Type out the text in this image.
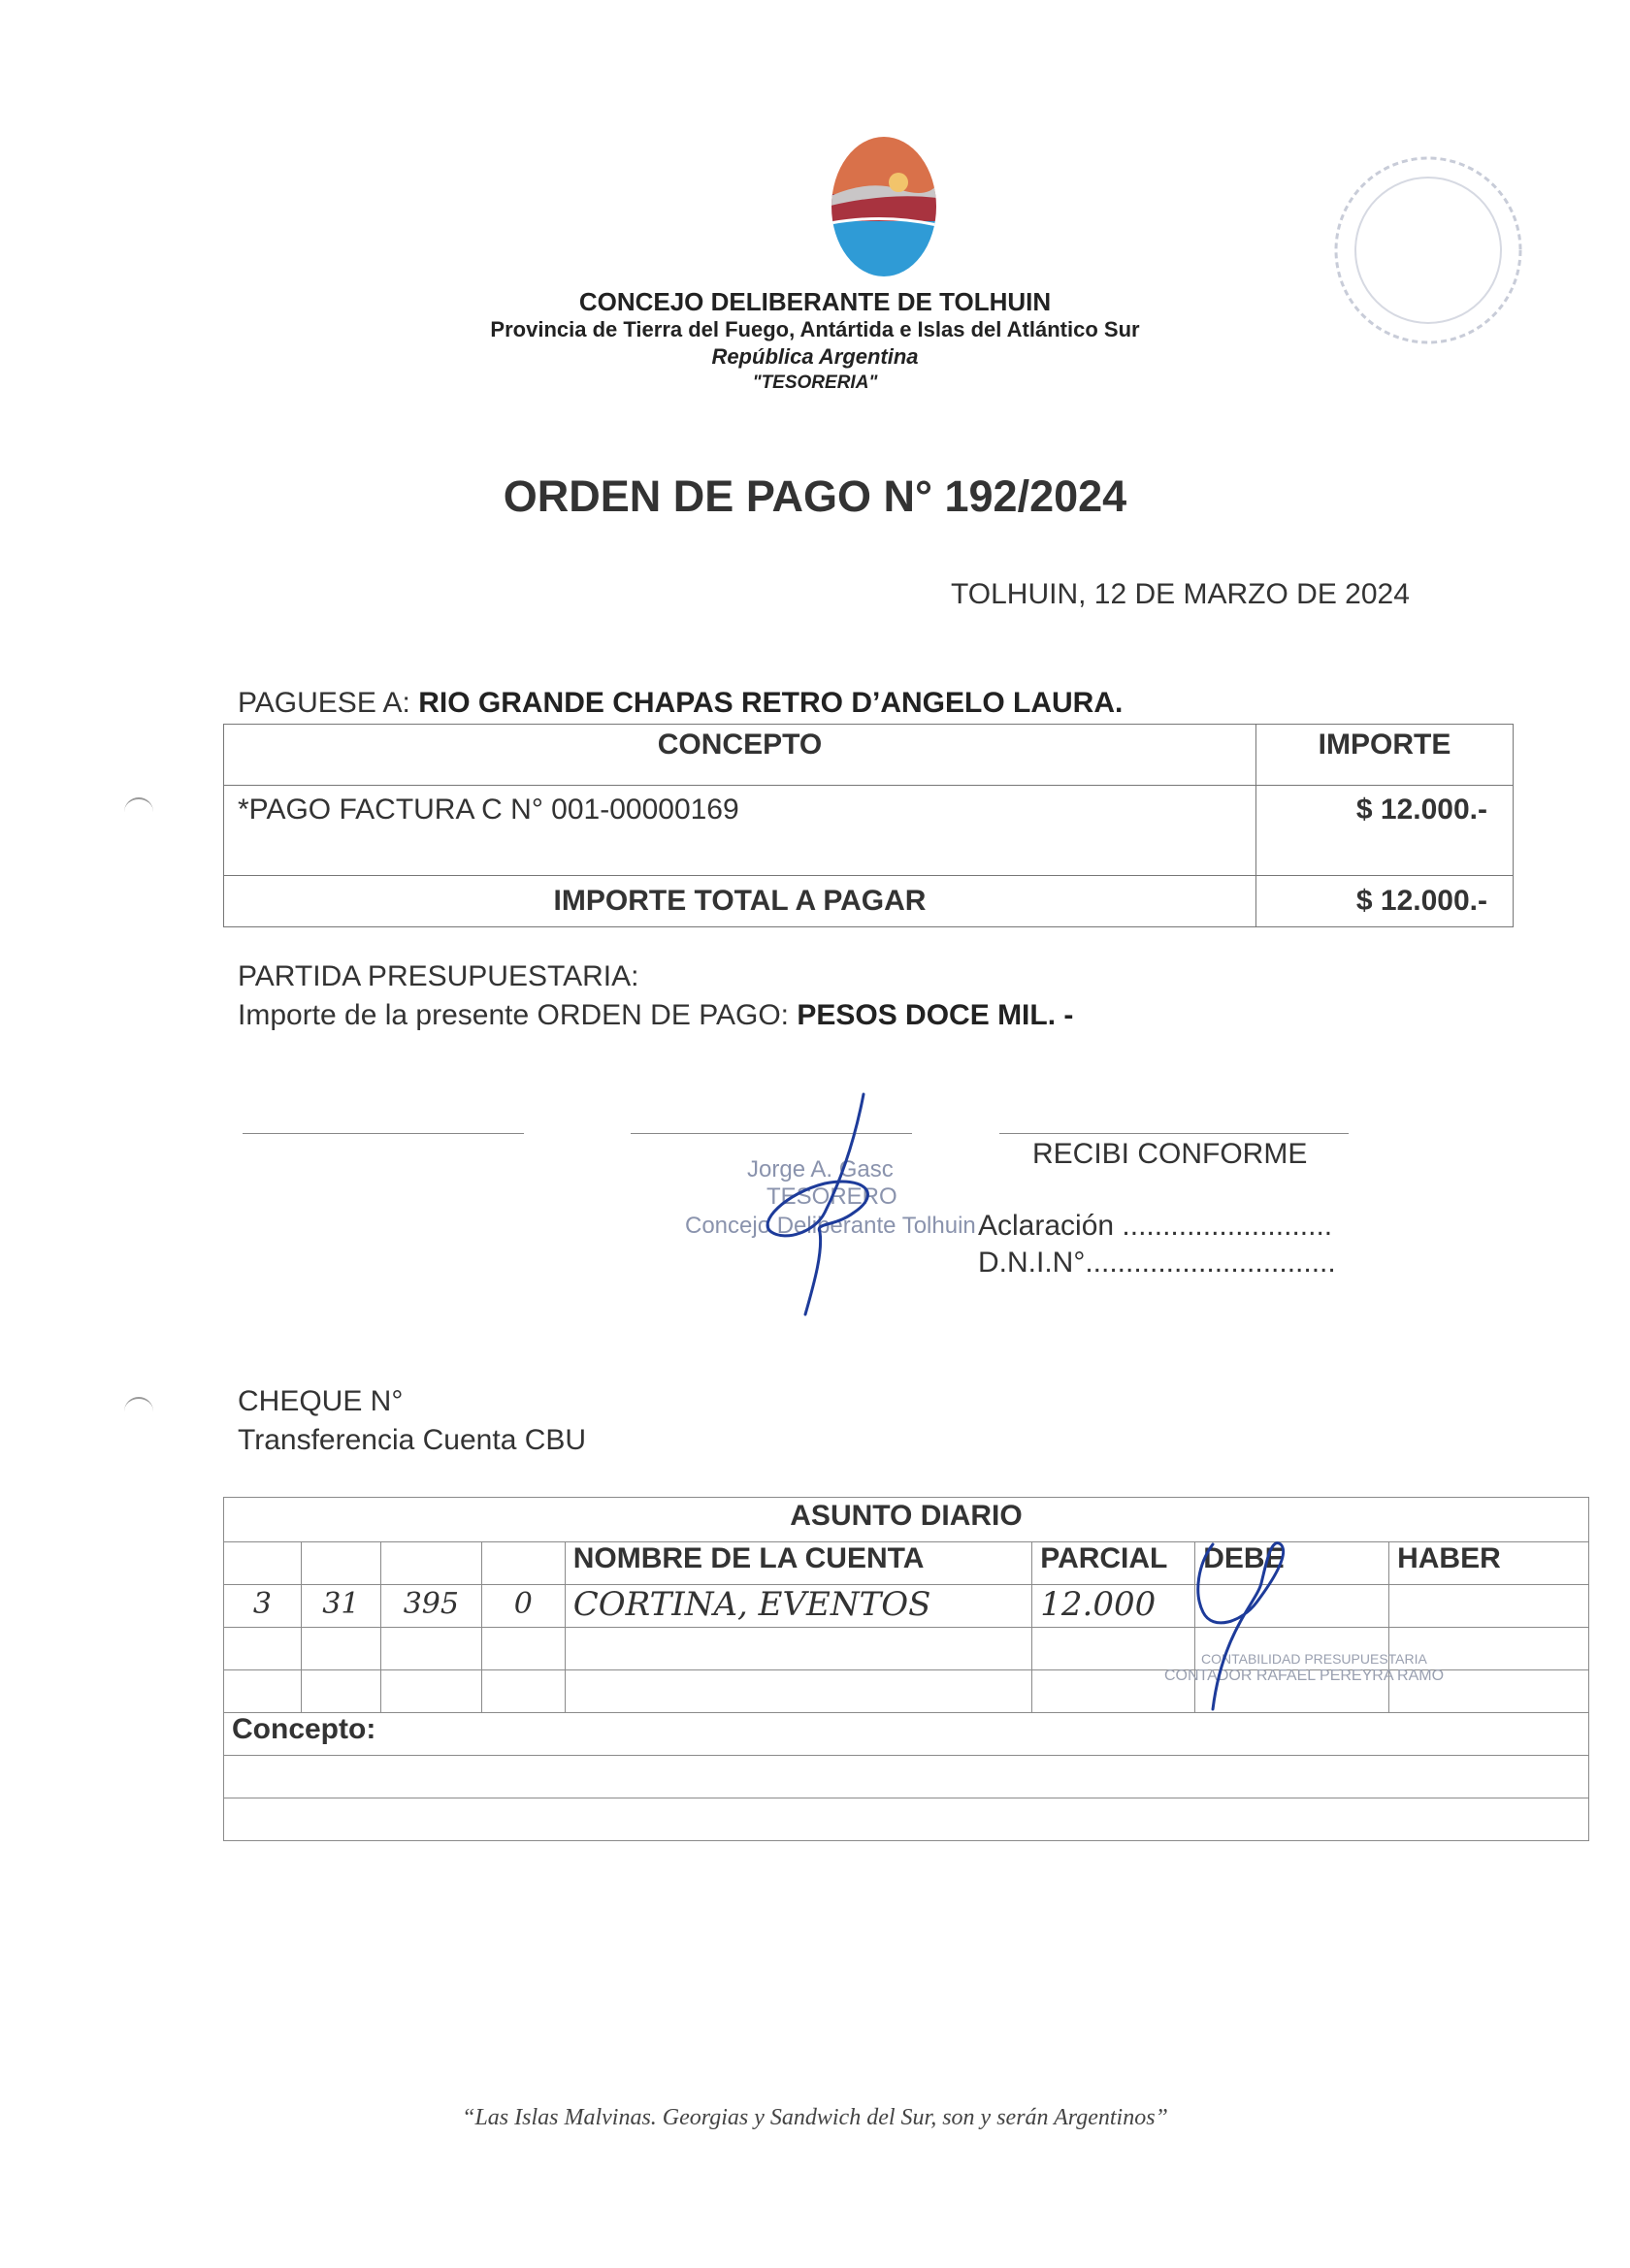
CONCEJO DELIBERANTE DE TOLHUIN
Provincia de Tierra del Fuego, Antártida e Islas del Atlántico Sur
República Argentina
"TESORERIA"
ORDEN DE PAGO N° 192/2024
TOLHUIN, 12 DE MARZO DE 2024
PAGUESE A: RIO GRANDE CHAPAS RETRO D’ANGELO LAURA.
CONCEPTO	IMPORTE
*PAGO FACTURA C N° 001-00000169	$ 12.000.-
IMPORTE TOTAL A PAGAR	$ 12.000.-
PARTIDA PRESUPUESTARIA:
Importe de la presente ORDEN DE PAGO: PESOS DOCE MIL. -
Jorge A. Gasc
TESORERO
Concejo Deliberante Tolhuin
RECIBI CONFORME
Aclaración ..........................
D.N.I.N°...............................
CHEQUE N°
Transferencia Cuenta CBU
ASUNTO DIARIO							
				NOMBRE DE LA CUENTA	PARCIAL	DEBE	HABER
3	31	395	0	CORTINA, EVENTOS	12.000		

Concepto:							

CONTABILIDAD PRESUPUESTARIA
CONTADOR RAFAEL PEREYRA RAMO
“Las Islas Malvinas. Georgias y Sandwich del Sur, son y serán Argentinos”
